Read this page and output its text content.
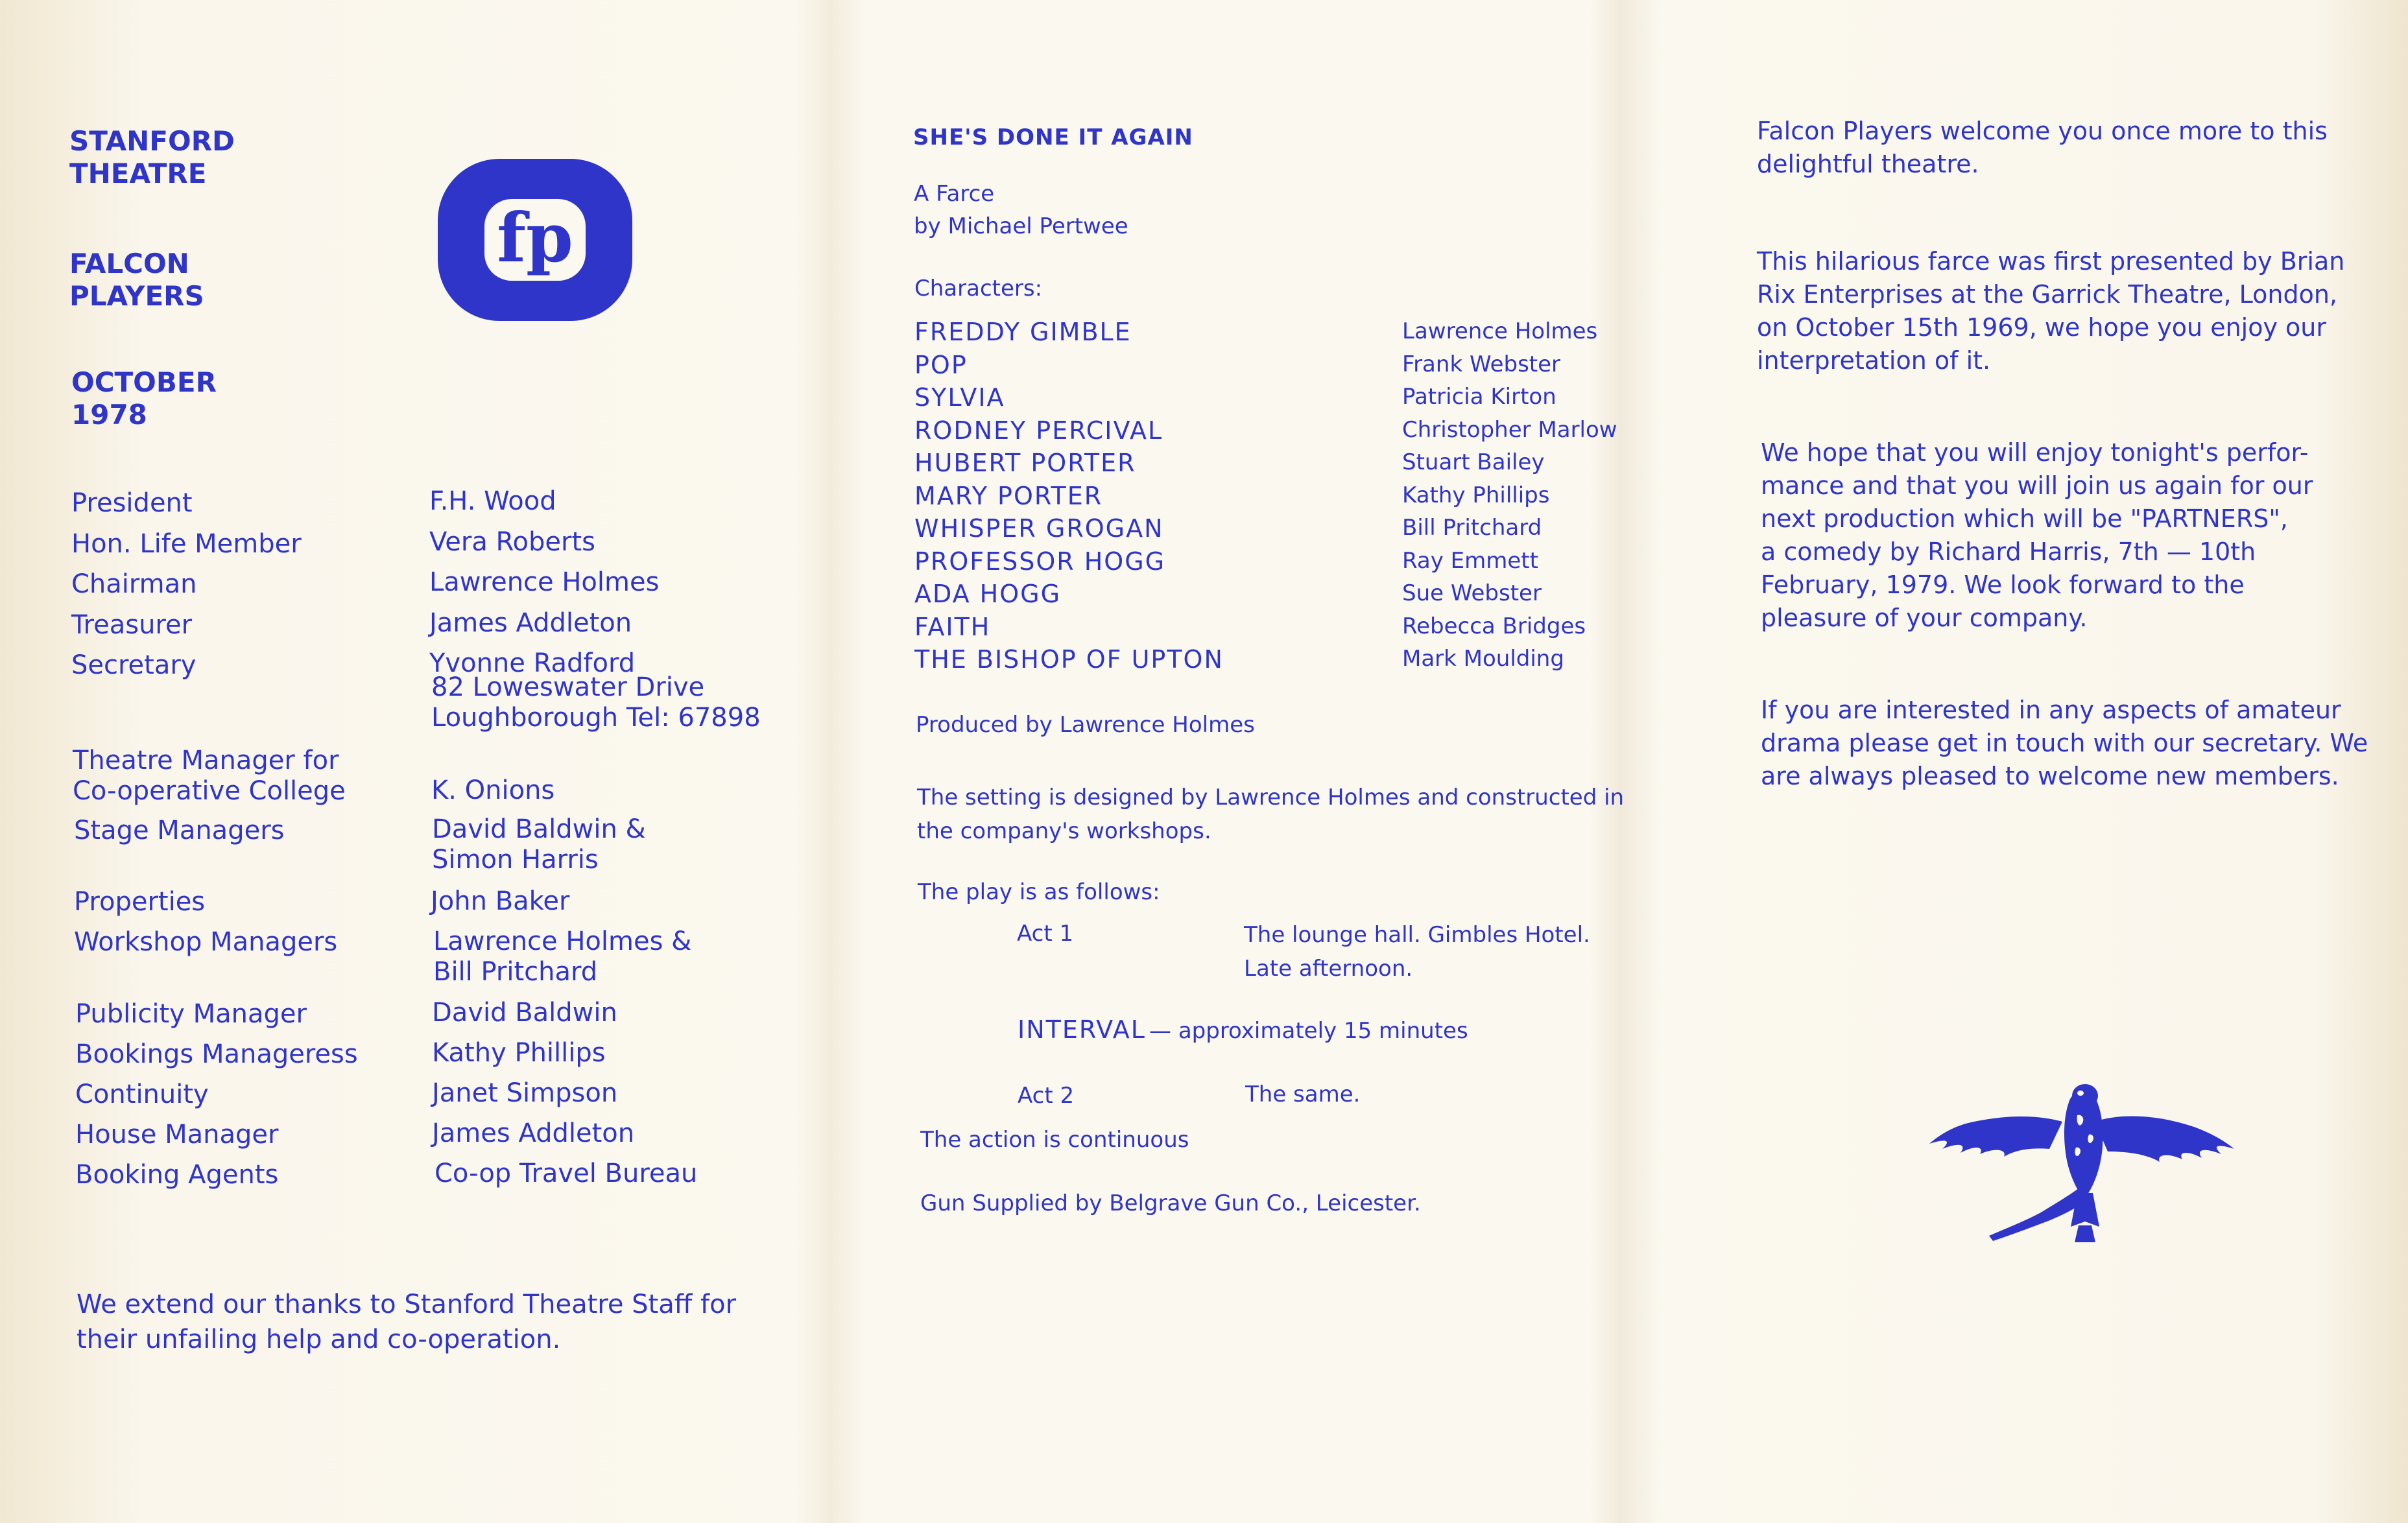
STANFORD
THEATRE
FALCON
PLAYERS
OCTOBER
1978
fp
President
Hon. Life Member
Chairman
Treasurer
Secretary
F.H. Wood
Vera Roberts
Lawrence Holmes
James Addleton
Yvonne Radford
82 Loweswater Drive
Loughborough Tel: 67898
Theatre Manager for
Co-operative College
Stage Managers
Properties
Workshop Managers
Publicity Manager
Bookings Manageress
Continuity
House Manager
Booking Agents
K. Onions
David Baldwin &
Simon Harris
John Baker
Lawrence Holmes &
Bill Pritchard
David Baldwin
Kathy Phillips
Janet Simpson
James Addleton
Co-op Travel Bureau
We extend our thanks to Stanford Theatre Staff for
their unfailing help and co-operation.
SHE'S DONE IT AGAIN
A Farce
by Michael Pertwee
Characters:
FREDDY GIMBLE
POP
SYLVIA
RODNEY PERCIVAL
HUBERT PORTER
MARY PORTER
WHISPER GROGAN
PROFESSOR HOGG
ADA HOGG
FAITH
THE BISHOP OF UPTON
Lawrence Holmes
Frank Webster
Patricia Kirton
Christopher Marlow
Stuart Bailey
Kathy Phillips
Bill Pritchard
Ray Emmett
Sue Webster
Rebecca Bridges
Mark Moulding
Produced by Lawrence Holmes
The setting is designed by Lawrence Holmes and constructed in
the company's workshops.
The play is as follows:
Act 1	The lounge hall. Gimbles Hotel.
Late afternoon.
INTERVAL — approximately 15 minutes
Act 2	The same.
The action is continuous
Gun Supplied by Belgrave Gun Co., Leicester.
Falcon Players welcome you once more to this
delightful theatre.
This hilarious farce was first presented by Brian
Rix Enterprises at the Garrick Theatre, London,
on October 15th 1969, we hope you enjoy our
interpretation of it.
We hope that you will enjoy tonight's perfor-
mance and that you will join us again for our
next production which will be "PARTNERS",
a comedy by Richard Harris, 7th — 10th
February, 1979. We look forward to the
pleasure of your company.
If you are interested in any aspects of amateur
drama please get in touch with our secretary. We
are always pleased to welcome new members.
